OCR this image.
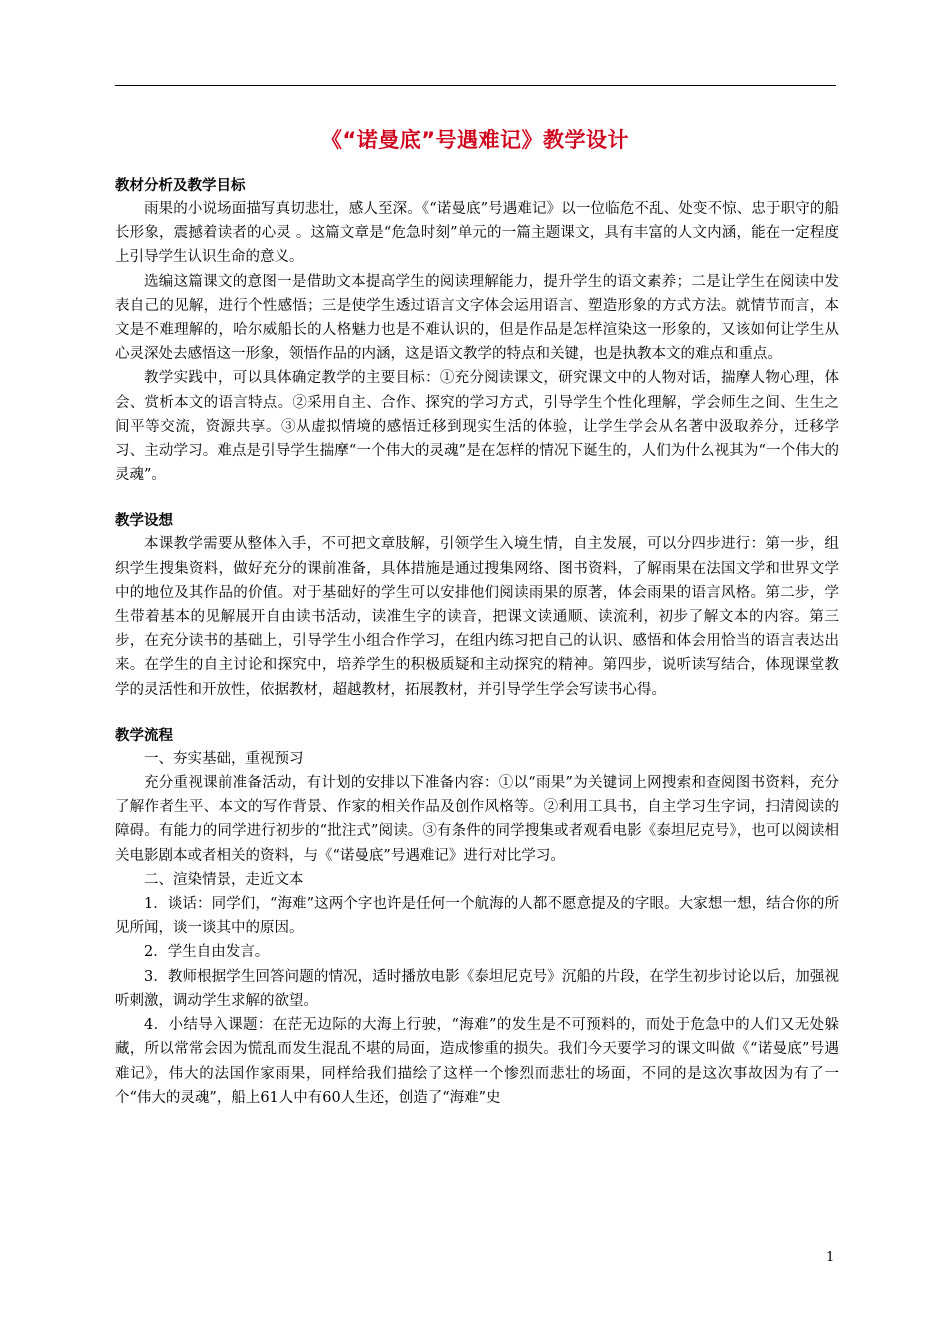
《“诺曼底”号遇难记》教学设计

教材分析及教学目标

雨果的小说场面描写真切悲壮，感人至深。《“诺曼底”号遇难记》以一位临危不乱、处变不惊、忠于职守的船长形象，震撼着读者的心灵 。这篇文章是“危急时刻”单元的一篇主题课文，具有丰富的人文内涵，能在一定程度上引导学生认识生命的意义。

选编这篇课文的意图一是借助文本提高学生的阅读理解能力，提升学生的语文素养；二是让学生在阅读中发表自己的见解，进行个性感悟；三是使学生透过语言文字体会运用语言、塑造形象的方式方法。就情节而言，本文是不难理解的，哈尔威船长的人格魅力也是不难认识的，但是作品是怎样渲染这一形象的，又该如何让学生从心灵深处去感悟这一形象，领悟作品的内涵，这是语文教学的特点和关键，也是执教本文的难点和重点。

教学实践中，可以具体确定教学的主要目标：①充分阅读课文，研究课文中的人物对话，揣摩人物心理，体会、赏析本文的语言特点。②采用自主、合作、探究的学习方式，引导学生个性化理解，学会师生之间、生生之间平等交流，资源共享。③从虚拟情境的感悟迁移到现实生活的体验，让学生学会从名著中汲取养分，迁移学习、主动学习。难点是引导学生揣摩“一个伟大的灵魂”是在怎样的情况下诞生的，人们为什么视其为“一个伟大的灵魂”。

教学设想

本课教学需要从整体入手，不可把文章肢解，引领学生入境生情，自主发展，可以分四步进行：第一步，组织学生搜集资料，做好充分的课前准备，具体措施是通过搜集网络、图书资料，了解雨果在法国文学和世界文学中的地位及其作品的价值。对于基础好的学生可以安排他们阅读雨果的原著，体会雨果的语言风格。第二步，学生带着基本的见解展开自由读书活动，读准生字的读音，把课文读通顺、读流利，初步了解文本的内容。第三步，在充分读书的基础上，引导学生小组合作学习，在组内练习把自己的认识、感悟和体会用恰当的语言表达出来。在学生的自主讨论和探究中，培养学生的积极质疑和主动探究的精神。第四步，说听读写结合，体现课堂教学的灵活性和开放性，依据教材，超越教材，拓展教材，并引导学生学会写读书心得。

教学流程

一、夯实基础，重视预习

充分重视课前准备活动，有计划的安排以下准备内容：①以“雨果”为关键词上网搜索和查阅图书资料，充分了解作者生平、本文的写作背景、作家的相关作品及创作风格等。②利用工具书，自主学习生字词，扫清阅读的障碍。有能力的同学进行初步的“批注式”阅读。③有条件的同学搜集或者观看电影《泰坦尼克号》，也可以阅读相关电影剧本或者相关的资料，与《“诺曼底”号遇难记》进行对比学习。

二、渲染情景，走近文本

1．谈话：同学们，“海难”这两个字也许是任何一个航海的人都不愿意提及的字眼。大家想一想，结合你的所见所闻，谈一谈其中的原因。

2．学生自由发言。

3．教师根据学生回答问题的情况，适时播放电影《泰坦尼克号》沉船的片段，在学生初步讨论以后，加强视听刺激，调动学生求解的欲望。

4．小结导入课题：在茫无边际的大海上行驶，“海难”的发生是不可预料的，而处于危急中的人们又无处躲藏，所以常常会因为慌乱而发生混乱不堪的局面，造成惨重的损失。我们今天要学习的课文叫做《“诺曼底”号遇难记》，伟大的法国作家雨果，同样给我们描绘了这样一个惨烈而悲壮的场面，不同的是这次事故因为有了一个“伟大的灵魂”，船上61人中有60人生还，创造了“海难”史

1
